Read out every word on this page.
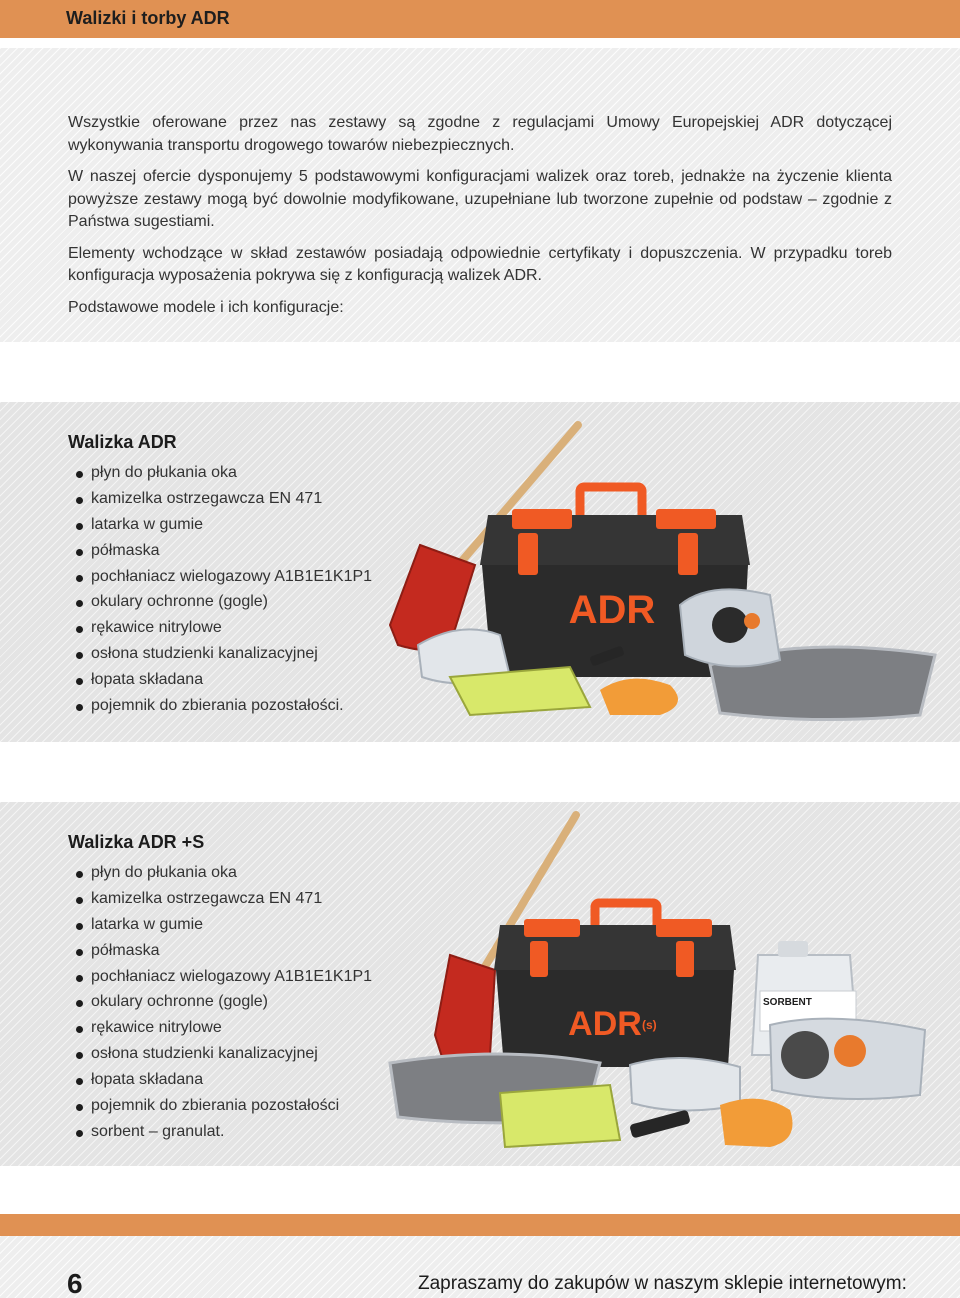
Walizki i torby ADR

Wszystkie oferowane przez nas zestawy są zgodne z regulacjami Umowy Europejskiej ADR dotyczącej wykonywania transportu drogowego towarów niebezpiecznych.

W naszej ofercie dysponujemy 5 podstawowymi konfiguracjami walizek oraz toreb, jednakże na życzenie klienta powyższe zestawy mogą być dowolnie modyfikowane, uzupełniane lub tworzone zupełnie od podstaw – zgodnie z Państwa sugestiami.

Elementy wchodzące w skład zestawów posiadają odpowiednie certyfikaty i dopuszczenia. W przypadku toreb konfiguracja wyposażenia pokrywa się z konfiguracją walizek ADR.

Podstawowe modele i ich konfiguracje:

Walizka ADR
płyn do płukania oka
kamizelka ostrzegawcza EN 471
latarka w gumie
półmaska
pochłaniacz wielogazowy A1B1E1K1P1
okulary ochronne (gogle)
rękawice nitrylowe
osłona studzienki kanalizacyjnej
łopata składana
pojemnik do zbierania pozostałości.
ADR
Walizka ADR +S
płyn do płukania oka
kamizelka ostrzegawcza EN 471
latarka w gumie
półmaska
pochłaniacz wielogazowy A1B1E1K1P1
okulary ochronne (gogle)
rękawice nitrylowe
osłona studzienki kanalizacyjnej
łopata składana
pojemnik do zbierania pozostałości
sorbent – granulat.
ADR (s)
SORBENT
6	Zapraszamy do zakupów w naszym sklepie internetowym:
